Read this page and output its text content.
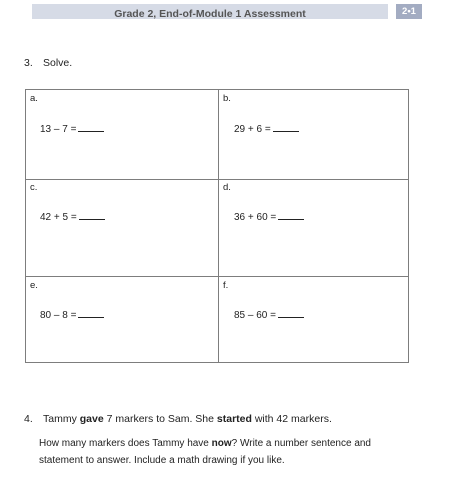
Grade 2, End-of-Module 1 Assessment	2•1
3. Solve.
a.
13 – 7 =
b.
29 + 6 =
c.
42 + 5 =
d.
36 + 60 =
e.
80 – 8 =
f.
85 – 60 =
4. Tammy gave 7 markers to Sam. She started with 42 markers.

How many markers does Tammy have now? Write a number sentence and

statement to answer. Include a math drawing if you like.
